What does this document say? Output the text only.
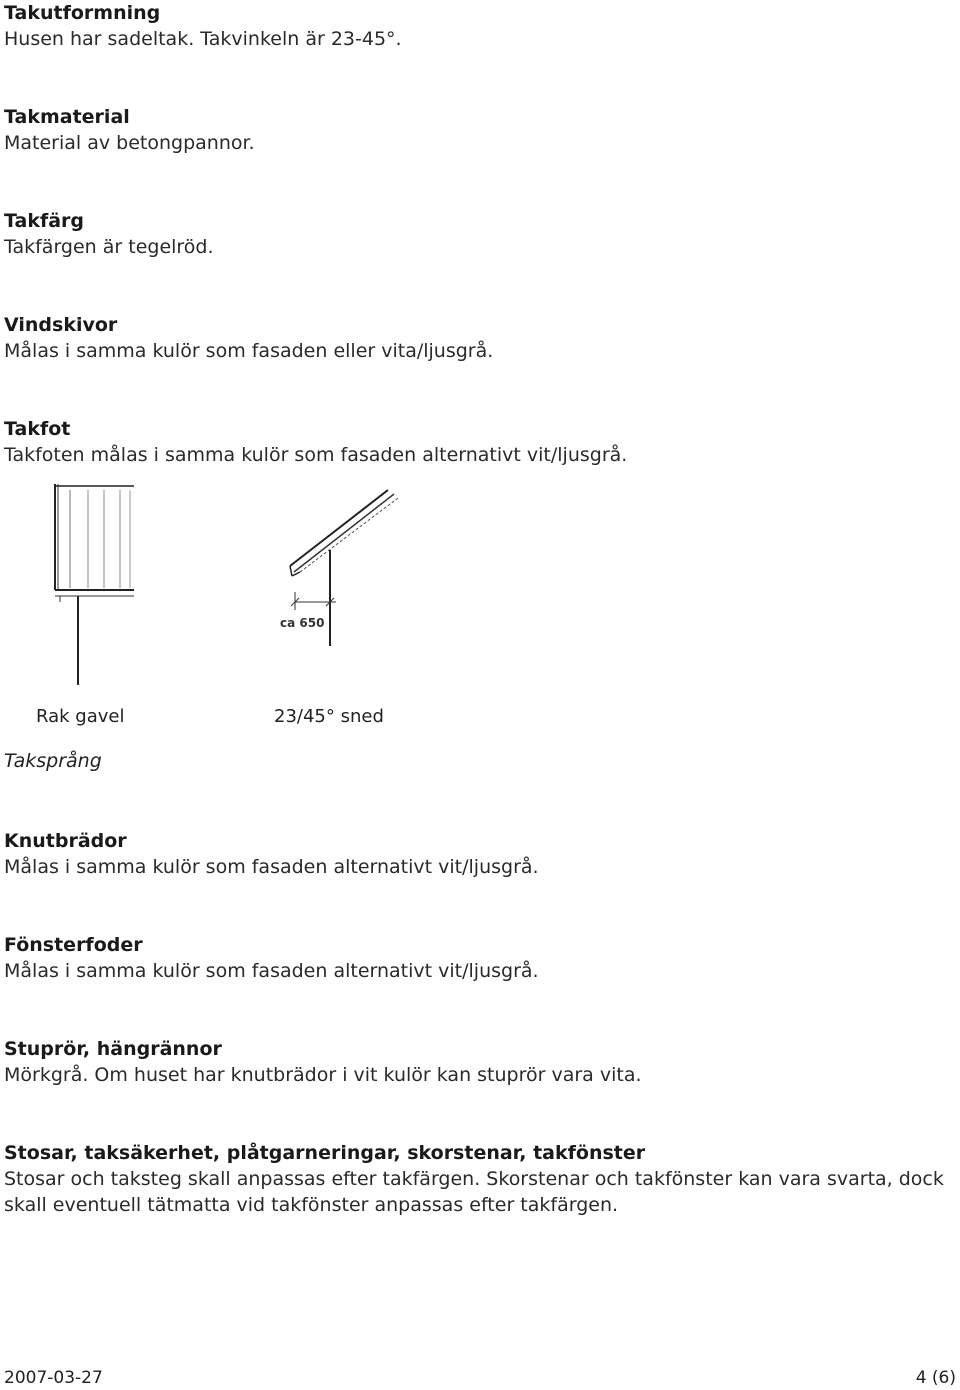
Takutformning

Husen har sadeltak. Takvinkeln är 23-45°.

Takmaterial

Material av betongpannor.

Takfärg

Takfärgen är tegelröd.

Vindskivor

Målas i samma kulör som fasaden eller vita/ljusgrå.

Takfot

Takfoten målas i samma kulör som fasaden alternativt vit/ljusgrå.

ca 650
Rak gavel	23/45° sned
Taksprång

Knutbrädor

Målas i samma kulör som fasaden alternativt vit/ljusgrå.

Fönsterfoder

Målas i samma kulör som fasaden alternativt vit/ljusgrå.

Stuprör, hängrännor

Mörkgrå. Om huset har knutbrädor i vit kulör kan stuprör vara vita.

Stosar, taksäkerhet, plåtgarneringar, skorstenar, takfönster

Stosar och taksteg skall anpassas efter takfärgen. Skorstenar och takfönster kan vara svarta, dock skall eventuell tätmatta vid takfönster anpassas efter takfärgen.

2007-03-27	4 (6)
